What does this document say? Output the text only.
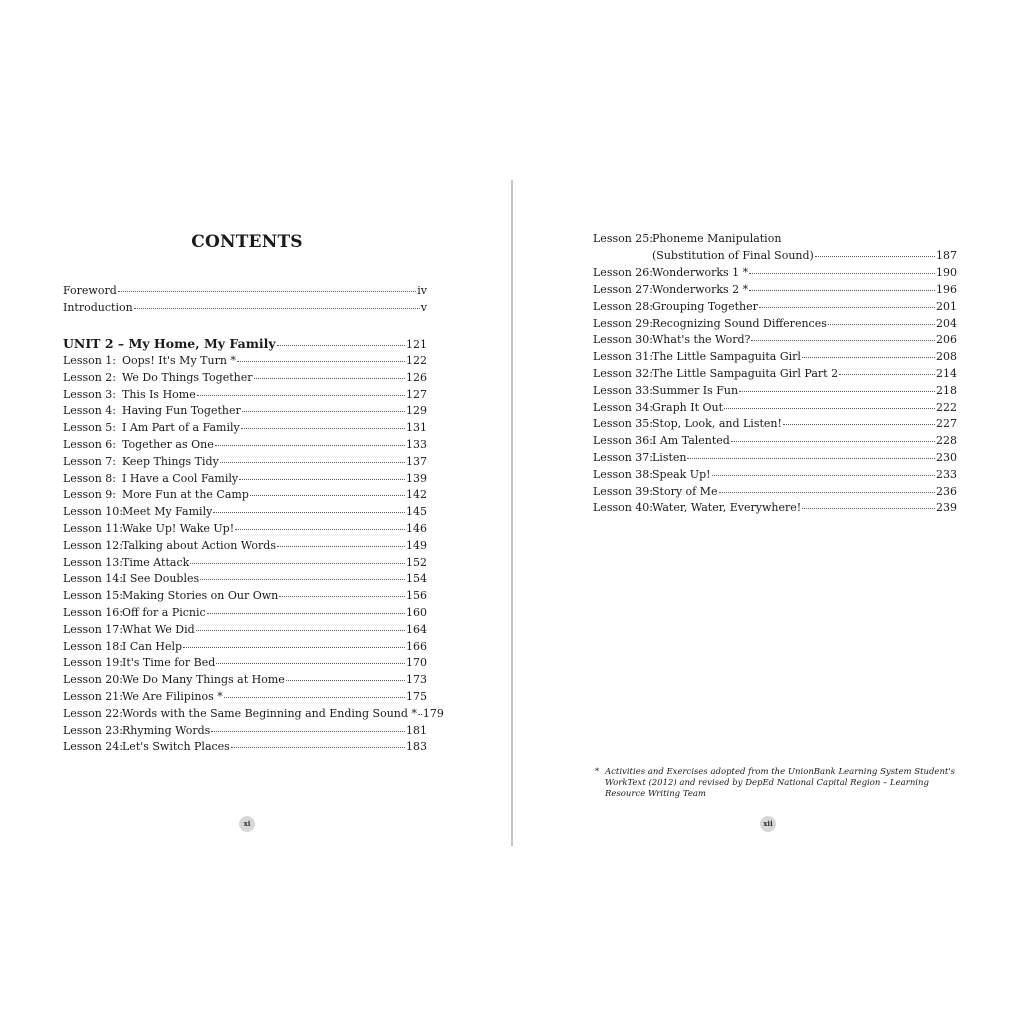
CONTENTS
Foreword	iv
Introduction	v
UNIT 2 – My Home, My Family	121
Lesson 1: Oops! It's My Turn *	122
Lesson 2: We Do Things Together	126
Lesson 3: This Is Home	127
Lesson 4: Having Fun Together	129
Lesson 5: I Am Part of a Family	131
Lesson 6: Together as One	133
Lesson 7: Keep Things Tidy	137
Lesson 8: I Have a Cool Family	139
Lesson 9: More Fun at the Camp	142
Lesson 10:Meet My Family	145
Lesson 11:Wake Up! Wake Up!	146
Lesson 12:Talking about Action Words	149
Lesson 13:Time Attack	152
Lesson 14:I See Doubles	154
Lesson 15:Making Stories on Our Own	156
Lesson 16:Off for a Picnic	160
Lesson 17:What We Did	164
Lesson 18:I Can Help	166
Lesson 19:It's Time for Bed	170
Lesson 20:We Do Many Things at Home	173
Lesson 21:We Are Filipinos *	175
Lesson 22:Words with the Same Beginning and Ending Sound * 179
Lesson 23:Rhyming Words	181
Lesson 24:Let's Switch Places	183
xi
Lesson 25:Phoneme Manipulation
(Substitution of Final Sound)	187
Lesson 26:Wonderworks 1 *	190
Lesson 27:Wonderworks 2 *	196
Lesson 28:Grouping Together	201
Lesson 29:Recognizing Sound Differences	204
Lesson 30:What's the Word?	206
Lesson 31:The Little Sampaguita Girl	208
Lesson 32:The Little Sampaguita Girl Part 2	214
Lesson 33:Summer Is Fun	218
Lesson 34:Graph It Out	222
Lesson 35:Stop, Look, and Listen!	227
Lesson 36:I Am Talented	228
Lesson 37:Listen	230
Lesson 38:Speak Up!	233
Lesson 39:Story of Me	236
Lesson 40:Water, Water, Everywhere!	239
* Activities and Exercises adopted from the UnionBank Learning System Student's
WorkText (2012) and revised by DepEd National Capital Region – Learning
Resource Writing Team
xii
